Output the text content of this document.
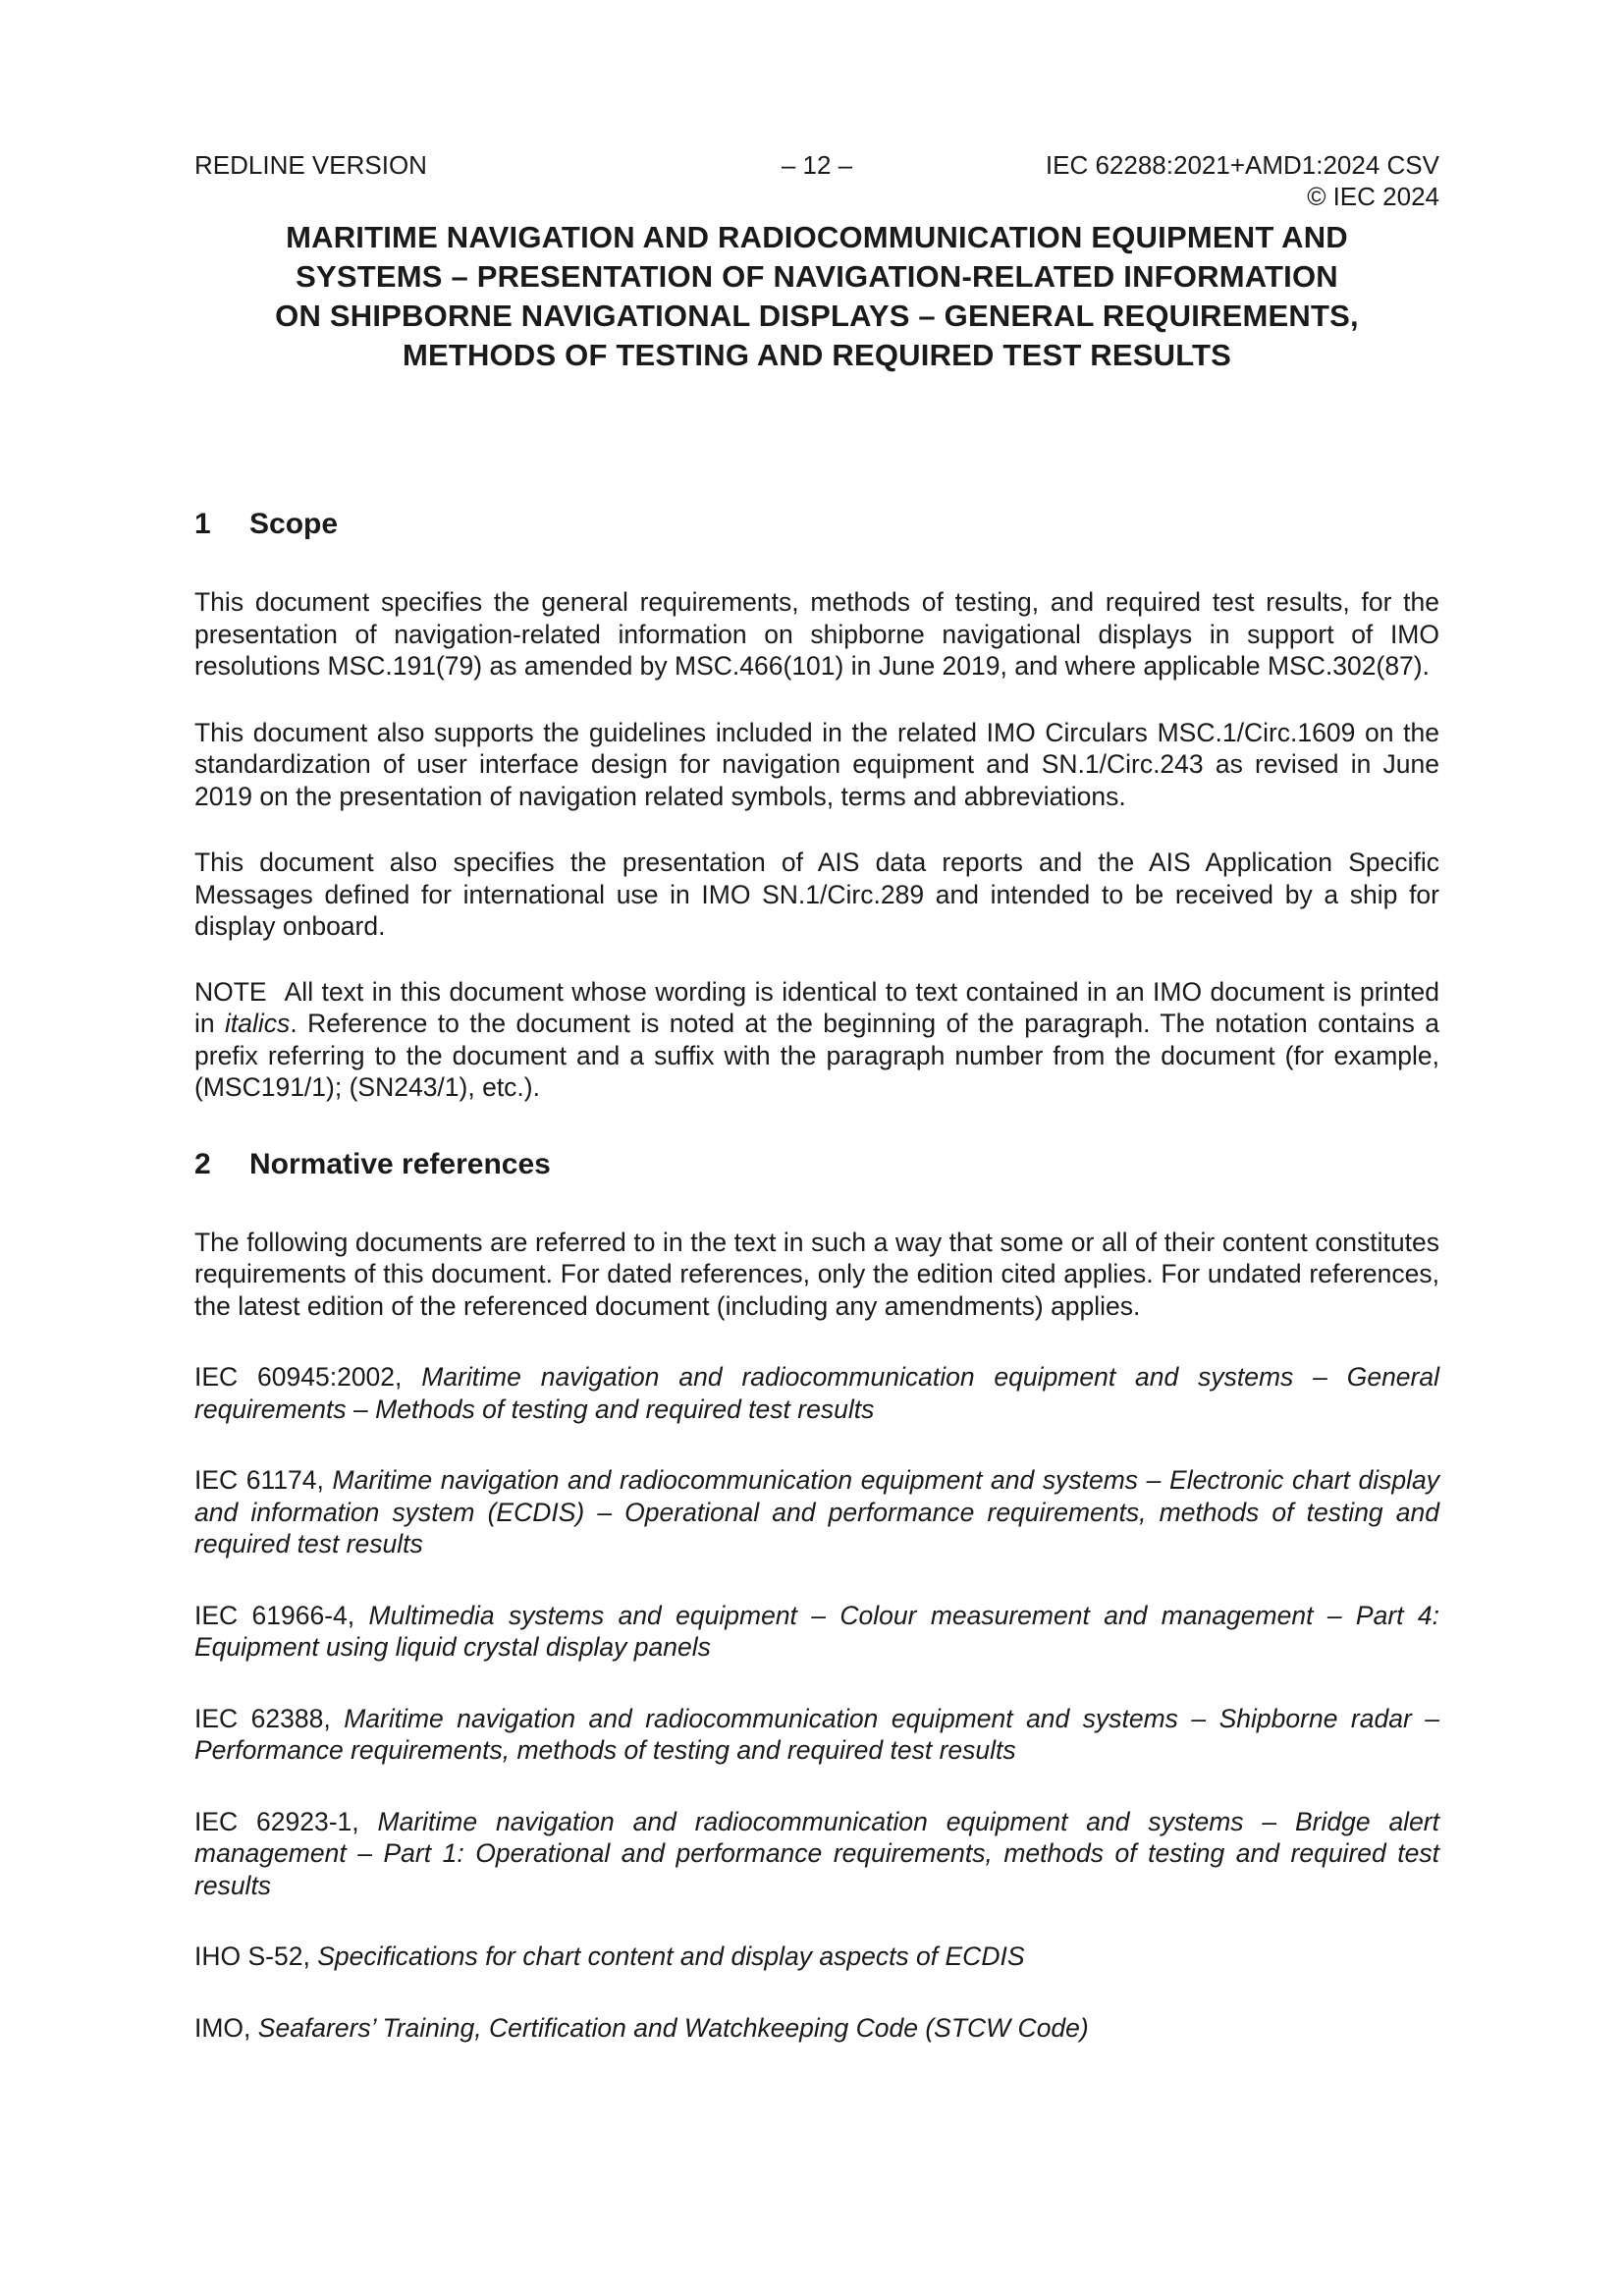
REDLINE VERSION	– 12 –	IEC 62288:2021+AMD1:2024 CSV
© IEC 2024
MARITIME NAVIGATION AND RADIOCOMMUNICATION EQUIPMENT AND
SYSTEMS – PRESENTATION OF NAVIGATION-RELATED INFORMATION
ON SHIPBORNE NAVIGATIONAL DISPLAYS – GENERAL REQUIREMENTS,
METHODS OF TESTING AND REQUIRED TEST RESULTS
1	Scope

This document specifies the general requirements, methods of testing, and required test results, for the presentation of navigation-related information on shipborne navigational displays in support of IMO resolutions MSC.191(79) as amended by MSC.466(101) in June 2019, and where applicable MSC.302(87).

This document also supports the guidelines included in the related IMO Circulars MSC.1/Circ.1609 on the standardization of user interface design for navigation equipment and SN.1/Circ.243 as revised in June 2019 on the presentation of navigation related symbols, terms and abbreviations.

This document also specifies the presentation of AIS data reports and the AIS Application Specific Messages defined for international use in IMO SN.1/Circ.289 and intended to be received by a ship for display onboard.

NOTE All text in this document whose wording is identical to text contained in an IMO document is printed in italics. Reference to the document is noted at the beginning of the paragraph. The notation contains a prefix referring to the document and a suffix with the paragraph number from the document (for example, (MSC191/1); (SN243/1), etc.).

2	Normative references

The following documents are referred to in the text in such a way that some or all of their content constitutes requirements of this document. For dated references, only the edition cited applies. For undated references, the latest edition of the referenced document (including any amendments) applies.

IEC 60945:2002, Maritime navigation and radiocommunication equipment and systems – General requirements – Methods of testing and required test results

IEC 61174, Maritime navigation and radiocommunication equipment and systems – Electronic chart display and information system (ECDIS) – Operational and performance requirements, methods of testing and required test results

IEC 61966-4, Multimedia systems and equipment – Colour measurement and management – Part 4: Equipment using liquid crystal display panels

IEC 62388, Maritime navigation and radiocommunication equipment and systems – Shipborne radar – Performance requirements, methods of testing and required test results

IEC 62923-1, Maritime navigation and radiocommunication equipment and systems – Bridge alert management – Part 1: Operational and performance requirements, methods of testing and required test results

IHO S-52, Specifications for chart content and display aspects of ECDIS

IMO, Seafarers’ Training, Certification and Watchkeeping Code (STCW Code)
